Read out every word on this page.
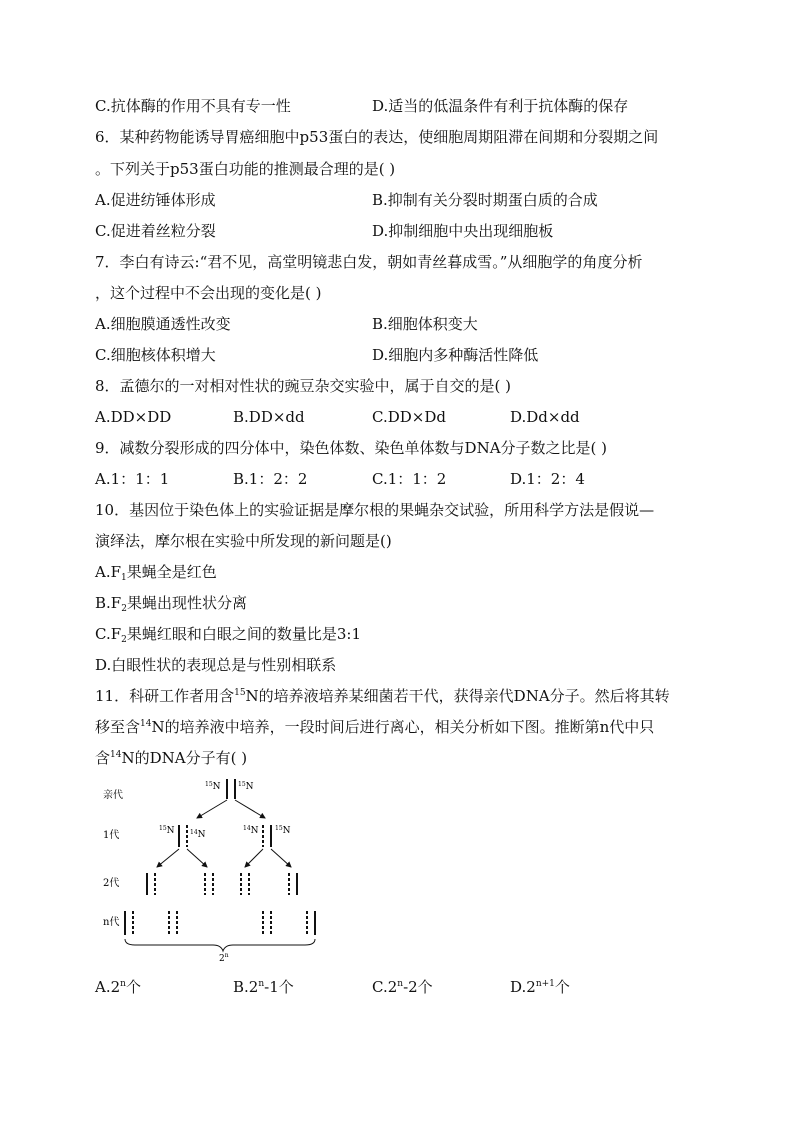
C.抗体酶的作用不具有专一性	D.适当的低温条件有利于抗体酶的保存
6．某种药物能诱导胃癌细胞中p53蛋白的表达，使细胞周期阻滞在间期和分裂期之间
。下列关于p53蛋白功能的推测最合理的是( )
A.促进纺锤体形成	B.抑制有关分裂时期蛋白质的合成
C.促进着丝粒分裂	D.抑制细胞中央出现细胞板
7．李白有诗云:“君不见，高堂明镜悲白发，朝如青丝暮成雪。”从细胞学的角度分析
，这个过程中不会出现的变化是( )
A.细胞膜通透性改变	B.细胞体积变大
C.细胞核体积增大	D.细胞内多种酶活性降低
8．孟德尔的一对相对性状的豌豆杂交实验中，属于自交的是( )
A.DD×DD	B.DD×dd	C.DD×Dd	D.Dd×dd
9．减数分裂形成的四分体中，染色体数、染色单体数与DNA分子数之比是( )
A.1：1：1	B.1：2：2	C.1：1：2	D.1：2：4
10．基因位于染色体上的实验证据是摩尔根的果蝇杂交试验，所用科学方法是假说—
演绎法，摩尔根在实验中所发现的新问题是()
$A.F_1$果蝇全是红色
$B.F_2$果蝇出现性状分离
$C.F_2$果蝇红眼和白眼之间的数量比是3:1
D.白眼性状的表现总是与性别相联系
11．科研工作者用含$^{15}$N的培养液培养某细菌若干代，获得亲代DNA分子。然后将其转
移至含$^{14}$N的培养液中培养，一段时间后进行离心，相关分析如下图。推断第n代中只
含$^{14}$N的DNA分子有( )
亲代
1代
2代
n代
$^{15}$N	$^{15}$N
$^{15}$N	$^{14}$N
$^{14}$N	$^{15}$N
2$^n$
A.2$^n$个	B.2$^n$-1个	C.2$^n$-2个	$D.2^{n+1}$个
